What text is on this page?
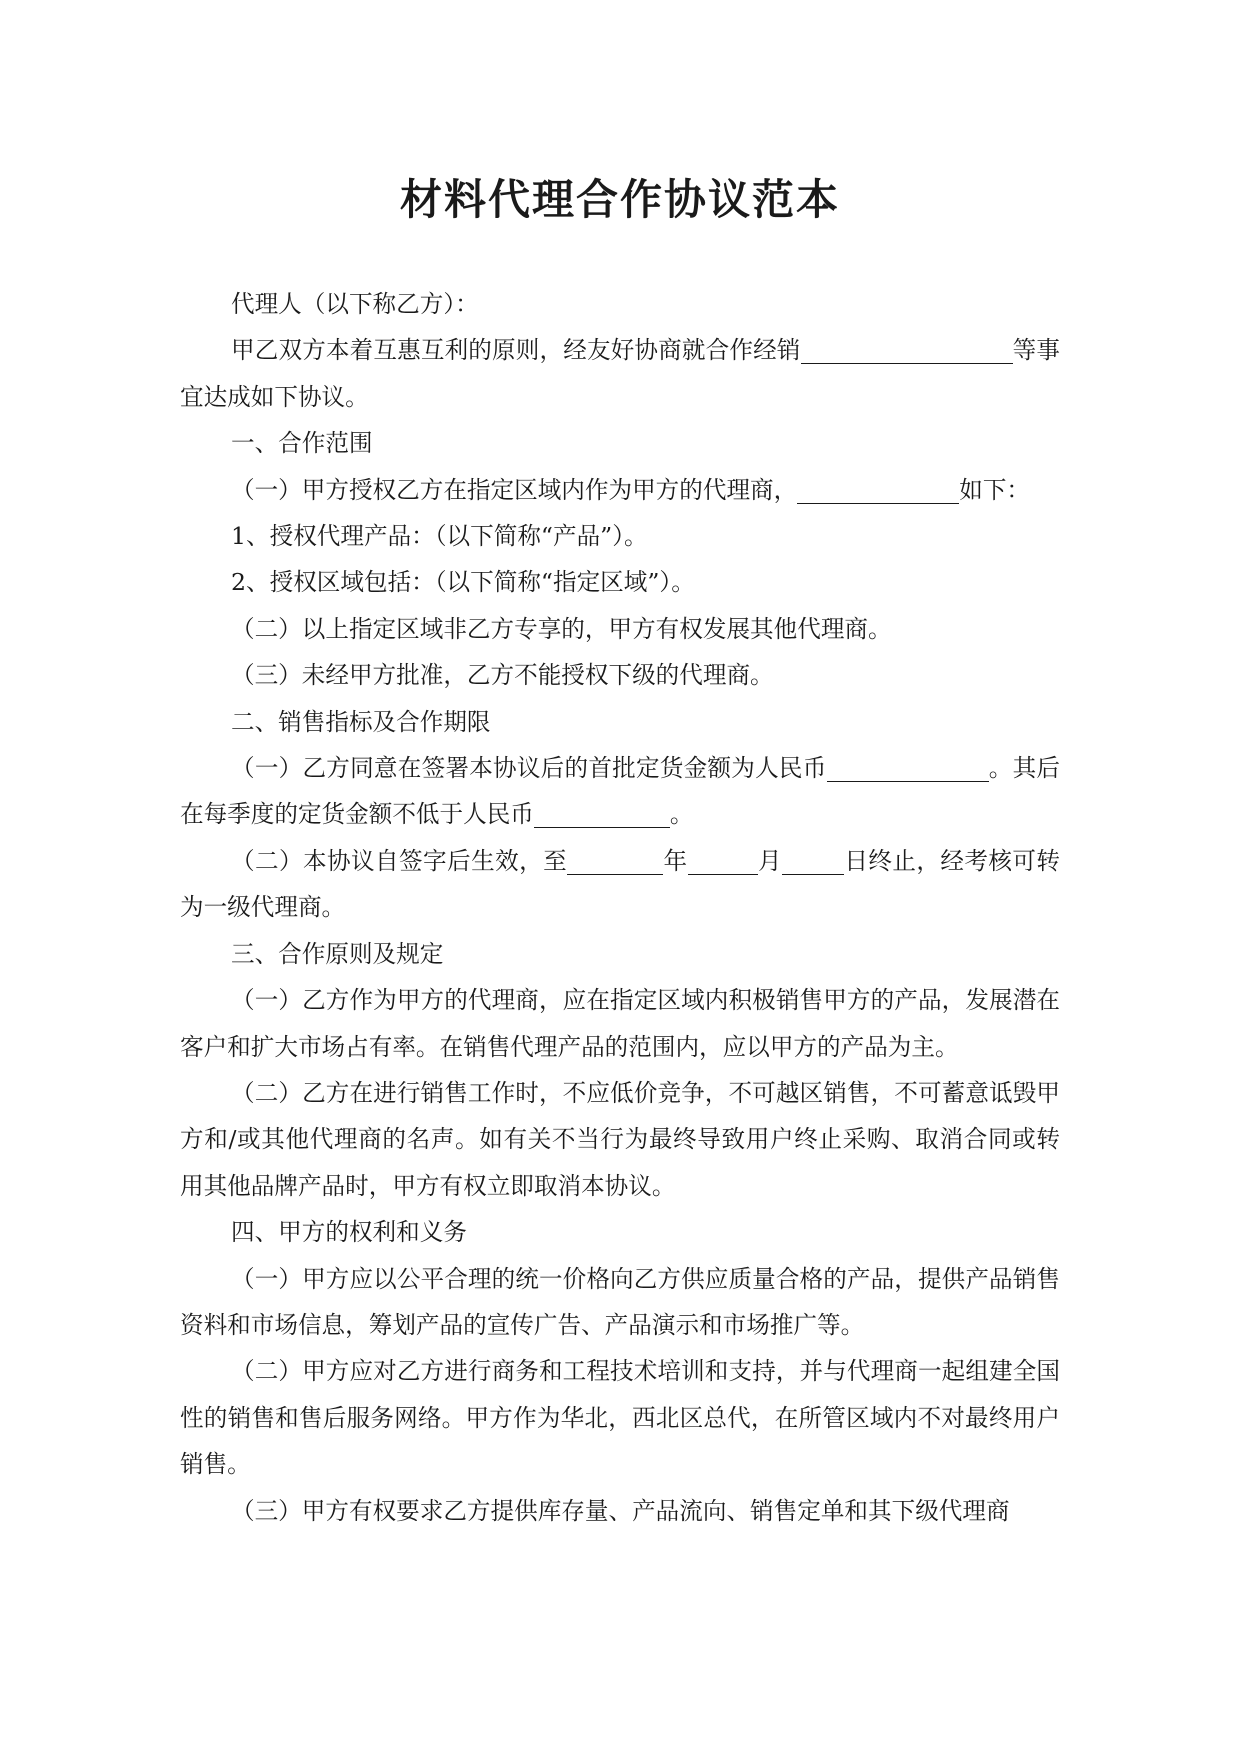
材料代理合作协议范本

代理人（以下称乙方）：

甲乙双方本着互惠互利的原则，经友好协商就合作经销	等事宜达成如下协议。

一、合作范围

（一）甲方授权乙方在指定区域内作为甲方的代理商，	如下：

1、授权代理产品：（以下简称“产品”）。

2、授权区域包括：（以下简称“指定区域”）。

（二）以上指定区域非乙方专享的，甲方有权发展其他代理商。

（三）未经甲方批准，乙方不能授权下级的代理商。

二、销售指标及合作期限

（一）乙方同意在签署本协议后的首批定货金额为人民币	。其后在每季度的定货金额不低于人民币	。

（二）本协议自签字后生效，至	年	月	日终止，经考核可转为一级代理商。

三、合作原则及规定

（一）乙方作为甲方的代理商，应在指定区域内积极销售甲方的产品，发展潜在客户和扩大市场占有率。在销售代理产品的范围内，应以甲方的产品为主。

（二）乙方在进行销售工作时，不应低价竞争，不可越区销售，不可蓄意诋毁甲方和/或其他代理商的名声。如有关不当行为最终导致用户终止采购、取消合同或转用其他品牌产品时，甲方有权立即取消本协议。

四、甲方的权利和义务

（一）甲方应以公平合理的统一价格向乙方供应质量合格的产品，提供产品销售资料和市场信息，筹划产品的宣传广告、产品演示和市场推广等。

（二）甲方应对乙方进行商务和工程技术培训和支持，并与代理商一起组建全国性的销售和售后服务网络。甲方作为华北，西北区总代，在所管区域内不对最终用户销售。

（三）甲方有权要求乙方提供库存量、产品流向、销售定单和其下级代理商
